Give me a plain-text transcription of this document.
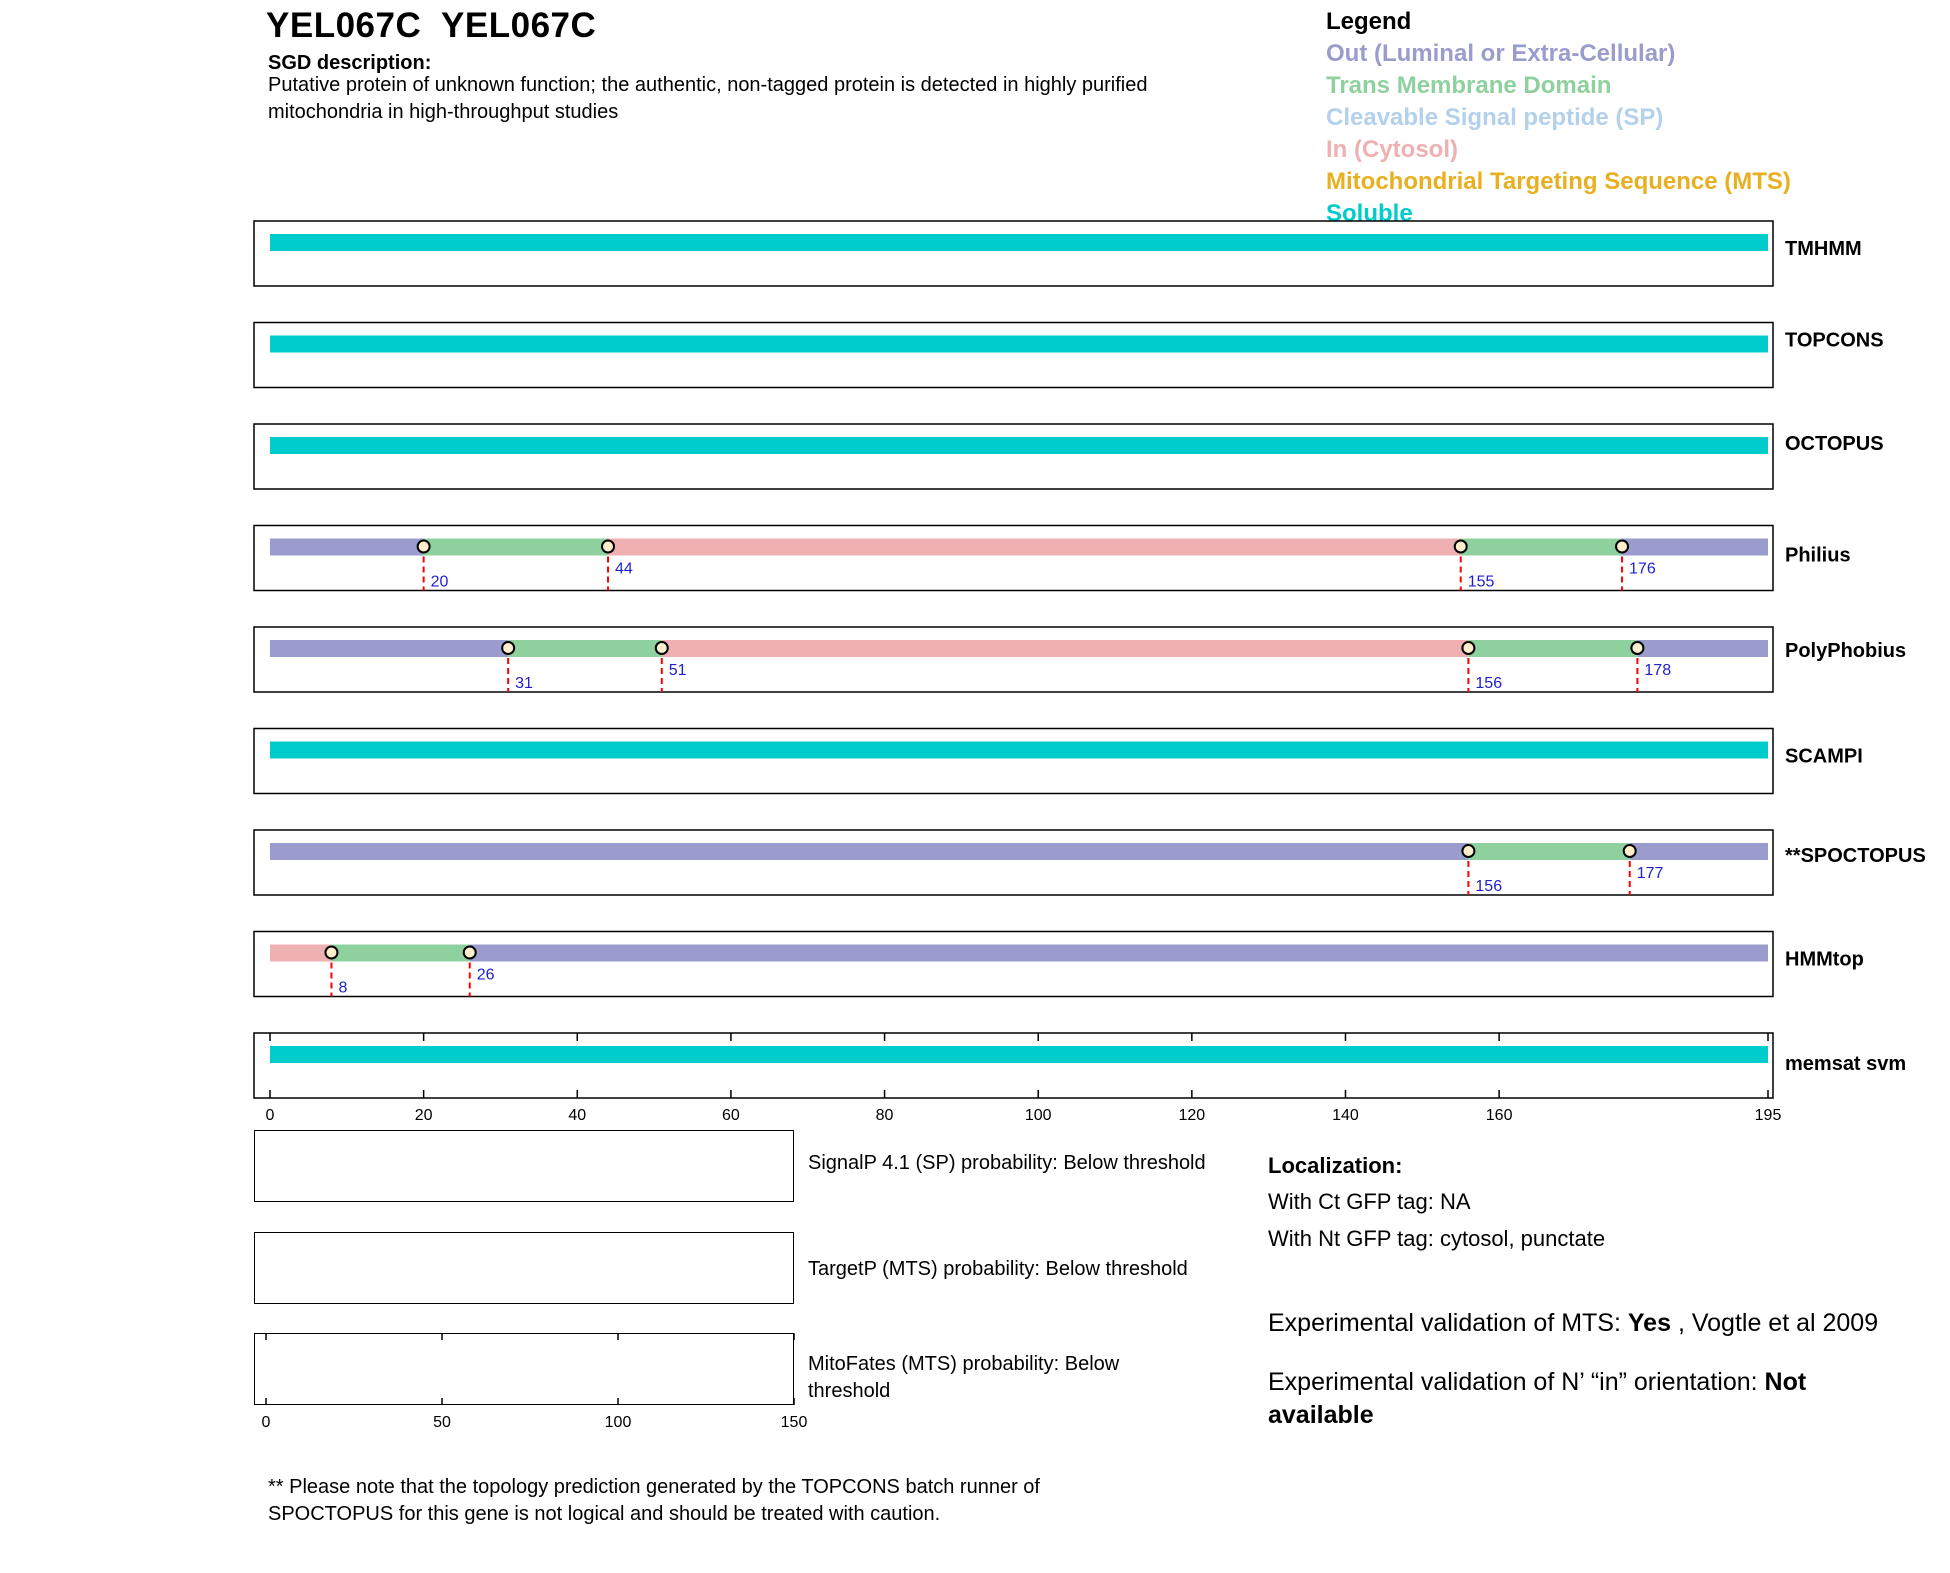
YEL067C  YEL067C
SGD description:
Putative protein of unknown function; the authentic, non-tagged protein is detected in highly purified mitochondria in high-throughput studies
Legend
Out (Luminal or Extra-Cellular)
Trans Membrane Domain
Cleavable Signal peptide (SP)
In (Cytosol)
Mitochondrial Targeting Sequence (MTS)
Soluble
TMHMM
TOPCONS
OCTOPUS
20
44
155
176
Philius
31
51
156
178
PolyPhobius
SCAMPI
156
177
**SPOCTOPUS
8
26
HMMtop
memsat svm
0	20	40	60	80	100	120	140	160	195
0	50	100	150
SignalP 4.1 (SP) probability: Below threshold
TargetP (MTS) probability: Below threshold
MitoFates (MTS) probability: Below threshold
Localization:
With Ct GFP tag: NA
With Nt GFP tag: cytosol, punctate
Experimental validation of MTS: Yes , Vogtle et al 2009
Experimental validation of N’ “in” orientation: Not available
** Please note that the topology prediction generated by the TOPCONS batch runner of SPOCTOPUS for this gene is not logical and should be treated with caution.
